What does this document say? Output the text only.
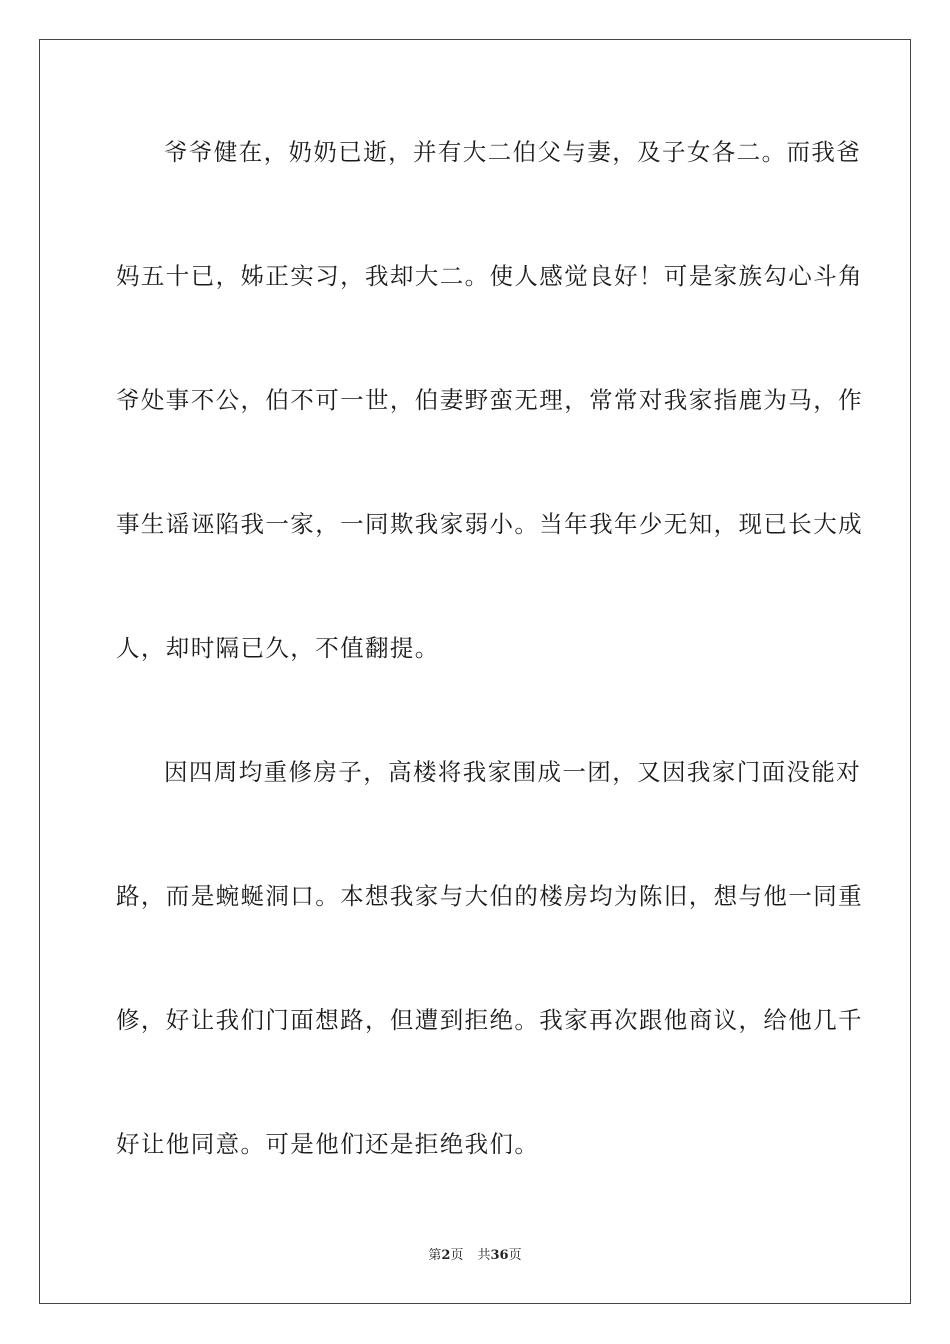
爷爷健在，奶奶已逝，并有大二伯父与妻，及子女各二。而我爸
妈五十已，姊正实习，我却大二。使人感觉良好！可是家族勾心斗角
爷处事不公，伯不可一世，伯妻野蛮无理，常常对我家指鹿为马，作
事生谣诬陷我一家，一同欺我家弱小。当年我年少无知，现已长大成
人，却时隔已久，不值翻提。
因四周均重修房子，高楼将我家围成一团，又因我家门面没能对
路，而是蜿蜒洞口。本想我家与大伯的楼房均为陈旧，想与他一同重
修，好让我们门面想路，但遭到拒绝。我家再次跟他商议，给他几千
好让他同意。可是他们还是拒绝我们。
第2页 共36页
